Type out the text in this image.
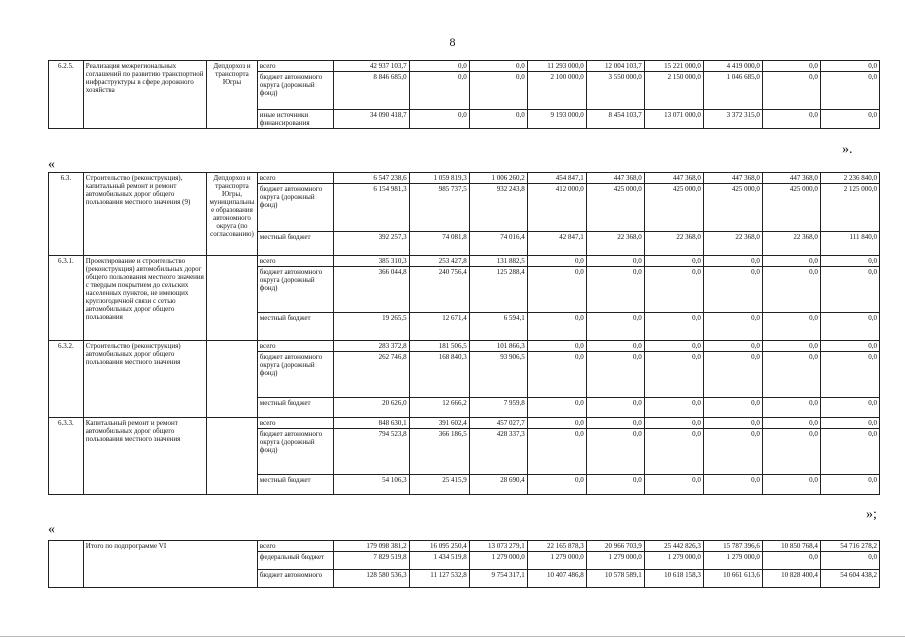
8
6.2.5.	Реализация межрегиональных соглашений по развитию транспортной инфраструктуры в сфере дорожного хозяйства	Депдорхоз и транспорта Югры	всего	42 937 103,7	0,0	0,0	11 293 000,0	12 004 103,7	15 221 000,0	4 419 000,0	0,0	0,0
			бюджет автономного округа (дорожный фонд)	8 846 685,0	0,0	0,0	2 100 000,0	3 550 000,0	2 150 000,0	1 046 685,0	0,0	0,0
			иные источники финансирования	34 090 418,7	0,0	0,0	9 193 000,0	8 454 103,7	13 071 000,0	3 372 315,0	0,0	0,0
».
«
6.3.	Строительство (реконструкция), капитальный ремонт и ремонт автомобильных дорог общего пользования местного значения (9)	Депдорхоз и транспорта Югры, муниципальные образования автономного округа (по согласованию)	всего	6 547 238,6	1 059 819,3	1 006 260,2	454 847,1	447 368,0	447 368,0	447 368,0	447 368,0	2 236 840,0
			бюджет автономного округа (дорожный фонд)	6 154 981,3	985 737,5	932 243,8	412 000,0	425 000,0	425 000,0	425 000,0	425 000,0	2 125 000,0
			местный бюджет	392 257,3	74 081,8	74 016,4	42 847,1	22 368,0	22 368,0	22 368,0	22 368,0	111 840,0
6.3.1.	Проектирование и строительство (реконструкция) автомобильных дорог общего пользования местного значения с твердым покрытием до сельских населенных пунктов, не имеющих круглогодичной связи с сетью автомобильных дорог общего пользования		всего	385 310,3	253 427,8	131 882,5	0,0	0,0	0,0	0,0	0,0	0,0
			бюджет автономного округа (дорожный фонд)	366 044,8	240 756,4	125 288,4	0,0	0,0	0,0	0,0	0,0	0,0
			местный бюджет	19 265,5	12 671,4	6 594,1	0,0	0,0	0,0	0,0	0,0	0,0
6.3.2.	Строительство (реконструкция) автомобильных дорог общего пользования местного значения		всего	283 372,8	181 506,5	101 866,3	0,0	0,0	0,0	0,0	0,0	0,0
			бюджет автономного округа (дорожный фонд)	262 746,8	168 840,3	93 906,5	0,0	0,0	0,0	0,0	0,0	0,0
			местный бюджет	20 626,0	12 666,2	7 959,8	0,0	0,0	0,0	0,0	0,0	0,0
6.3.3.	Капитальный ремонт и ремонт автомобильных дорог общего пользования местного значения		всего	848 630,1	391 602,4	457 027,7	0,0	0,0	0,0	0,0	0,0	0,0
			бюджет автономного округа (дорожный фонд)	794 523,8	366 186,5	428 337,3	0,0	0,0	0,0	0,0	0,0	0,0
			местный бюджет	54 106,3	25 415,9	28 690,4	0,0	0,0	0,0	0,0	0,0	0,0
»;
«
	Итого по подпрограмме VI	всего	179 098 381,2	16 095 250,4	13 073 279,1	22 165 878,3	20 966 703,9	25 442 826,3	15 787 396,6	10 850 768,4	54 716 278,2
		федеральный бюджет	7 829 519,8	1 434 519,8	1 279 000,0	1 279 000,0	1 279 000,0	1 279 000,0	1 279 000,0	0,0	0,0
		бюджет автономного	128 580 536,3	11 127 532,8	9 754 317,1	10 407 486,8	10 578 589,1	10 618 158,3	10 661 613,6	10 828 400,4	54 604 438,2
